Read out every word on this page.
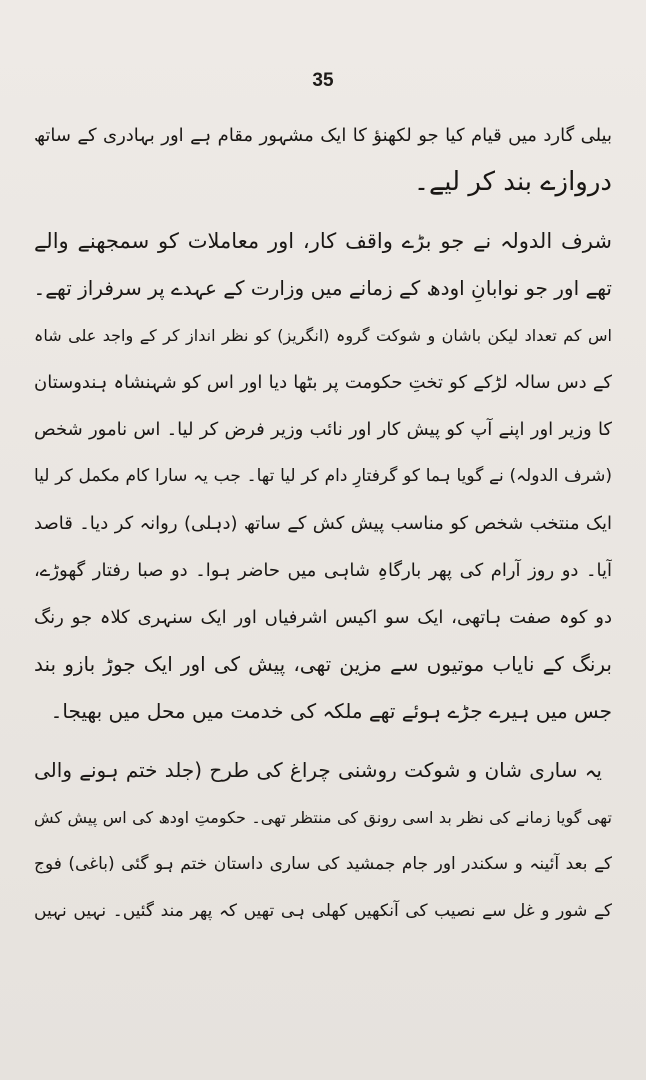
35
بیلی گارد میں قیام کیا جو لکھنؤ کا ایک مشہور مقام ہے اور بہادری کے ساتھ
دروازے بند کر لیے۔
شرف الدولہ نے جو بڑے واقف کار، اور معاملات کو سمجھنے والے
تھے اور جو نوابانِ اودھ کے زمانے میں وزارت کے عہدے پر سرفراز تھے۔
اس کم تعداد لیکن باشان و شوکت گروہ (انگریز) کو نظر انداز کر کے واجد علی شاہ
کے دس سالہ لڑکے کو تختِ حکومت پر بٹھا دیا اور اس کو شہنشاہ ہندوستان
کا وزیر اور اپنے آپ کو پیش کار اور نائب وزیر فرض کر لیا۔ اس نامور شخص
(شرف الدولہ) نے گویا ہما کو گرفتارِ دام کر لیا تھا۔ جب یہ سارا کام مکمل کر لیا
ایک منتخب شخص کو مناسب پیش کش کے ساتھ (دہلی) روانہ کر دیا۔ قاصد
آیا۔ دو روز آرام کی پھر بارگاہِ شاہی میں حاضر ہوا۔ دو صبا رفتار گھوڑے،
دو کوہ صفت ہاتھی، ایک سو اکیس اشرفیاں اور ایک سنہری کلاہ جو رنگ
برنگ کے نایاب موتیوں سے مزین تھی، پیش کی اور ایک جوڑ بازو بند
جس میں ہیرے جڑے ہوئے تھے ملکہ کی خدمت میں محل میں بھیجا۔
یہ ساری شان و شوکت روشنی چراغ کی طرح (جلد ختم ہونے والی
تھی گویا زمانے کی نظر بد اسی رونق کی منتظر تھی۔ حکومتِ اودھ کی اس پیش کش
کے بعد آئینہ و سکندر اور جام جمشید کی ساری داستان ختم ہو گئی (باغی) فوج
کے شور و غل سے نصیب کی آنکھیں کھلی ہی تھیں کہ پھر مند گئیں۔ نہیں نہیں
